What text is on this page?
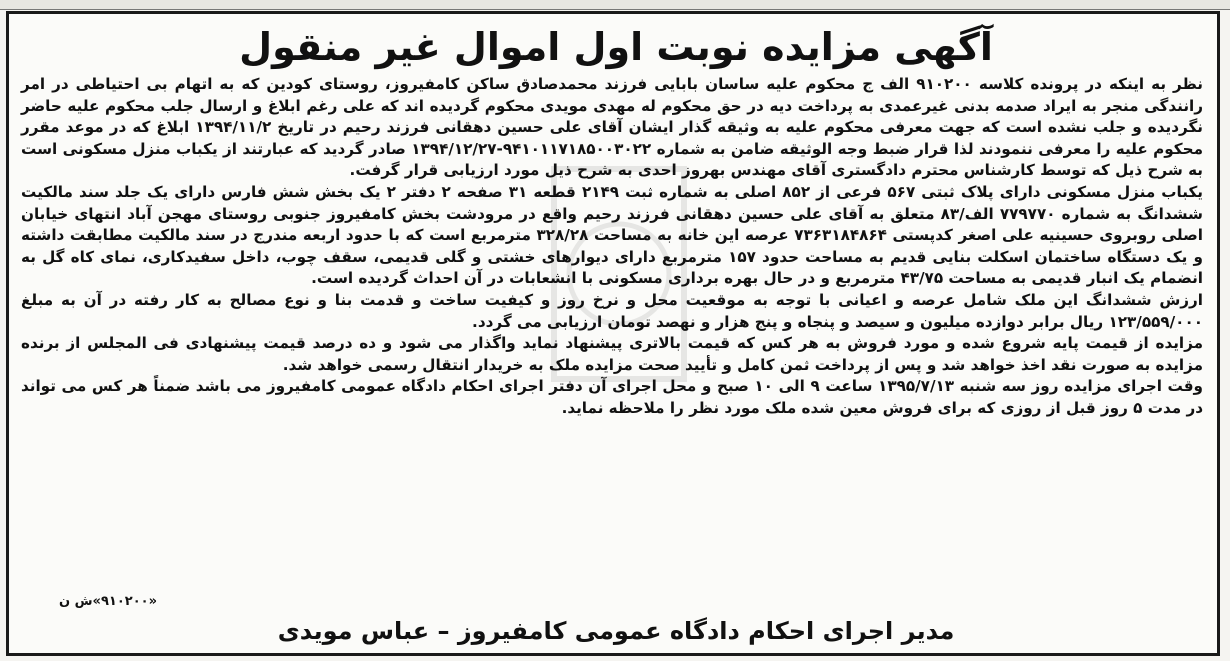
آگهی مزایده نوبت اول اموال غیر منقول

نظر به اینکه در پرونده کلاسه ۹۱۰۲۰۰ الف ج محکوم علیه ساسان بابایی فرزند محمدصادق ساکن کامفیروز، روستای کودین که به اتهام بی احتیاطی در امر رانندگی منجر به ایراد صدمه بدنی غیرعمدی به پرداخت دیه در حق محکوم له مهدی مویدی محکوم گردیده اند که علی رغم ابلاغ و ارسال جلب محکوم علیه حاضر نگردیده و جلب نشده است که جهت معرفی محکوم علیه به وثیقه گذار ایشان آقای علی حسین دهقانی فرزند رحیم در تاریخ ۱۳۹۴/۱۱/۲ ابلاغ که در موعد مقرر محکوم علیه را معرفی ننمودند لذا قرار ضبط وجه الوثیقه ضامن به شماره ۹۴۱۰۱۱۷۱۸۵۰۰۳۰۲۲-۱۳۹۴/۱۲/۲۷ صادر گردید که عبارتند از یکباب منزل مسکونی است به شرح ذیل که توسط کارشناس محترم دادگستری آقای مهندس بهروز احدی به شرح ذیل مورد ارزیابی قرار گرفت.

یکباب منزل مسکونی دارای پلاک ثبتی ۵۶۷ فرعی از ۸۵۲ اصلی به شماره ثبت ۲۱۴۹ قطعه ۳۱ صفحه ۲ دفتر ۲ یک بخش شش فارس دارای یک جلد سند مالکیت ششدانگ به شماره ۷۷۹۷۷۰ الف/۸۳ متعلق به آقای علی حسین دهقانی فرزند رحیم واقع در مرودشت بخش کامفیروز جنوبی روستای مهجن آباد انتهای خیابان اصلی روبروی حسینیه علی اصغر کدپستی ۷۳۶۳۱۸۴۸۶۴ عرصه این خانه به مساحت ۳۲۸/۲۸ مترمربع است که با حدود اربعه مندرج در سند مالکیت مطابقت داشته و یک دستگاه ساختمان اسکلت بنایی قدیم به مساحت حدود ۱۵۷ مترمربع دارای دیوارهای خشتی و گلی قدیمی، سقف چوب، داخل سفیدکاری، نمای کاه گل به انضمام یک انبار قدیمی به مساحت ۴۳/۷۵ مترمربع و در حال بهره برداری مسکونی با انشعابات در آن احداث گردیده است.

ارزش ششدانگ این ملک شامل عرصه و اعیانی با توجه به موقعیت محل و نرخ روز و کیفیت ساخت و قدمت بنا و نوع مصالح به کار رفته در آن به مبلغ ۱۲۳/۵۵۹/۰۰۰ ریال برابر دوازده میلیون و سیصد و پنجاه و پنج هزار و نهصد تومان ارزیابی می گردد.

مزایده از قیمت پایه شروع شده و مورد فروش به هر کس که قیمت بالاتری پیشنهاد نماید واگذار می شود و ده درصد قیمت پیشنهادی فی المجلس از برنده مزایده به صورت نقد اخذ خواهد شد و پس از پرداخت ثمن کامل و تأیید صحت مزایده ملک به خریدار انتقال رسمی خواهد شد.

وقت اجرای مزایده روز سه شنبه ۱۳۹۵/۷/۱۳ ساعت ۹ الی ۱۰ صبح و محل اجرای آن دفتر اجرای احکام دادگاه عمومی کامفیروز می باشد ضمناً هر کس می تواند در مدت ۵ روز قبل از روزی که برای فروش معین شده ملک مورد نظر را ملاحظه نماید.

«۹۱۰۲۰۰»ش ن
مدیر اجرای احکام دادگاه عمومی کامفیروز – عباس مویدی
